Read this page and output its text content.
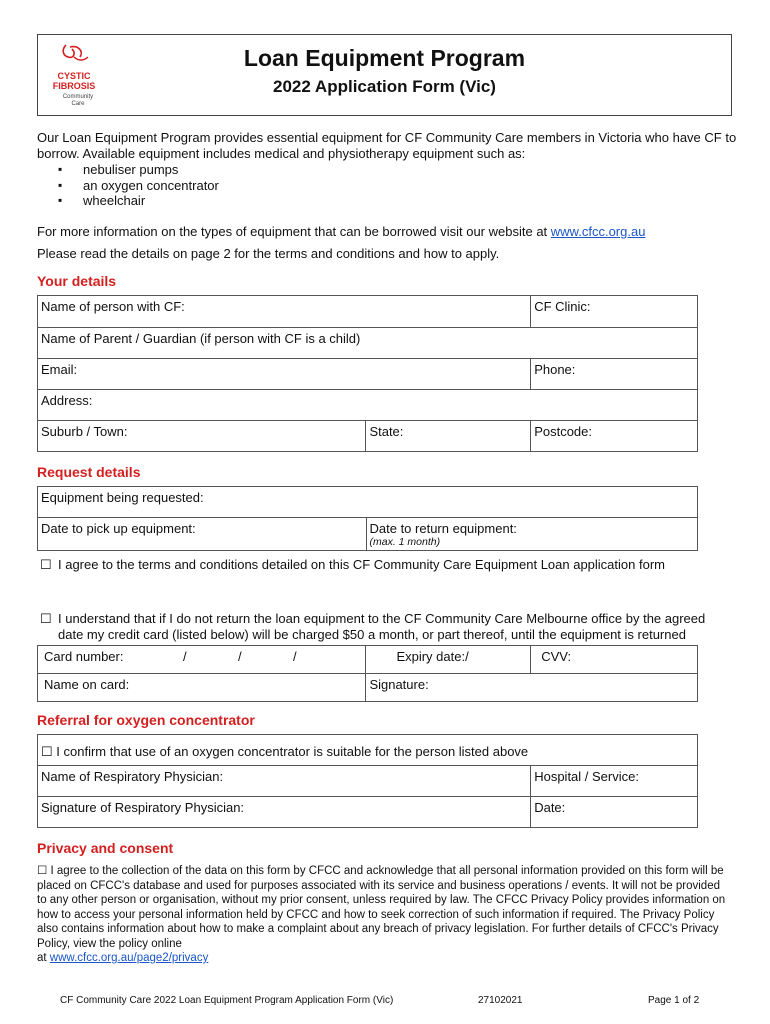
CYSTIC
FIBROSIS
Community
Care
Loan Equipment Program
2022 Application Form (Vic)
Our Loan Equipment Program provides essential equipment for CF Community Care members in Victoria who have CF to borrow. Available equipment includes medical and physiotherapy equipment such as:
▪ nebuliser pumps
▪ an oxygen concentrator
▪ wheelchair
For more information on the types of equipment that can be borrowed visit our website at www.cfcc.org.au
Please read the details on page 2 for the terms and conditions and how to apply.
Your details
Name of person with CF:		CF Clinic:
Name of Parent / Guardian (if person with CF is a child)		
Email:		Phone:
Address:		
Suburb / Town:	State:	Postcode:
Request details
Equipment being requested:
Date to pick up equipment:	Date to return equipment:
(max. 1 month)
☐ I agree to the terms and conditions detailed on this CF Community Care Equipment Loan application form
☐ I understand that if I do not return the loan equipment to the CF Community Care Melbourne office by the agreed date my credit card (listed below) will be charged $50 a month, or part thereof, until the equipment is returned
Card number: / / /	Expiry date:/	CVV:
Name on card:	Signature:	
Referral for oxygen concentrator
☐ I confirm that use of an oxygen concentrator is suitable for the person listed above	
Name of Respiratory Physician:	Hospital / Service:
Signature of Respiratory Physician:	Date:
Privacy and consent
☐ I agree to the collection of the data on this form by CFCC and acknowledge that all personal information provided on this form will be placed on CFCC's database and used for purposes associated with its service and business operations / events. It will not be provided to any other person or organisation, without my prior consent, unless required by law. The CFCC Privacy Policy provides information on how to access your personal information held by CFCC and how to seek correction of such information if required. The Privacy Policy also contains information about how to make a complaint about any breach of privacy legislation. For further details of CFCC's Privacy Policy, view the policy online
at www.cfcc.org.au/page2/privacy
CF Community Care 2022 Loan Equipment Program Application Form (Vic)	27102021	Page 1 of 2
